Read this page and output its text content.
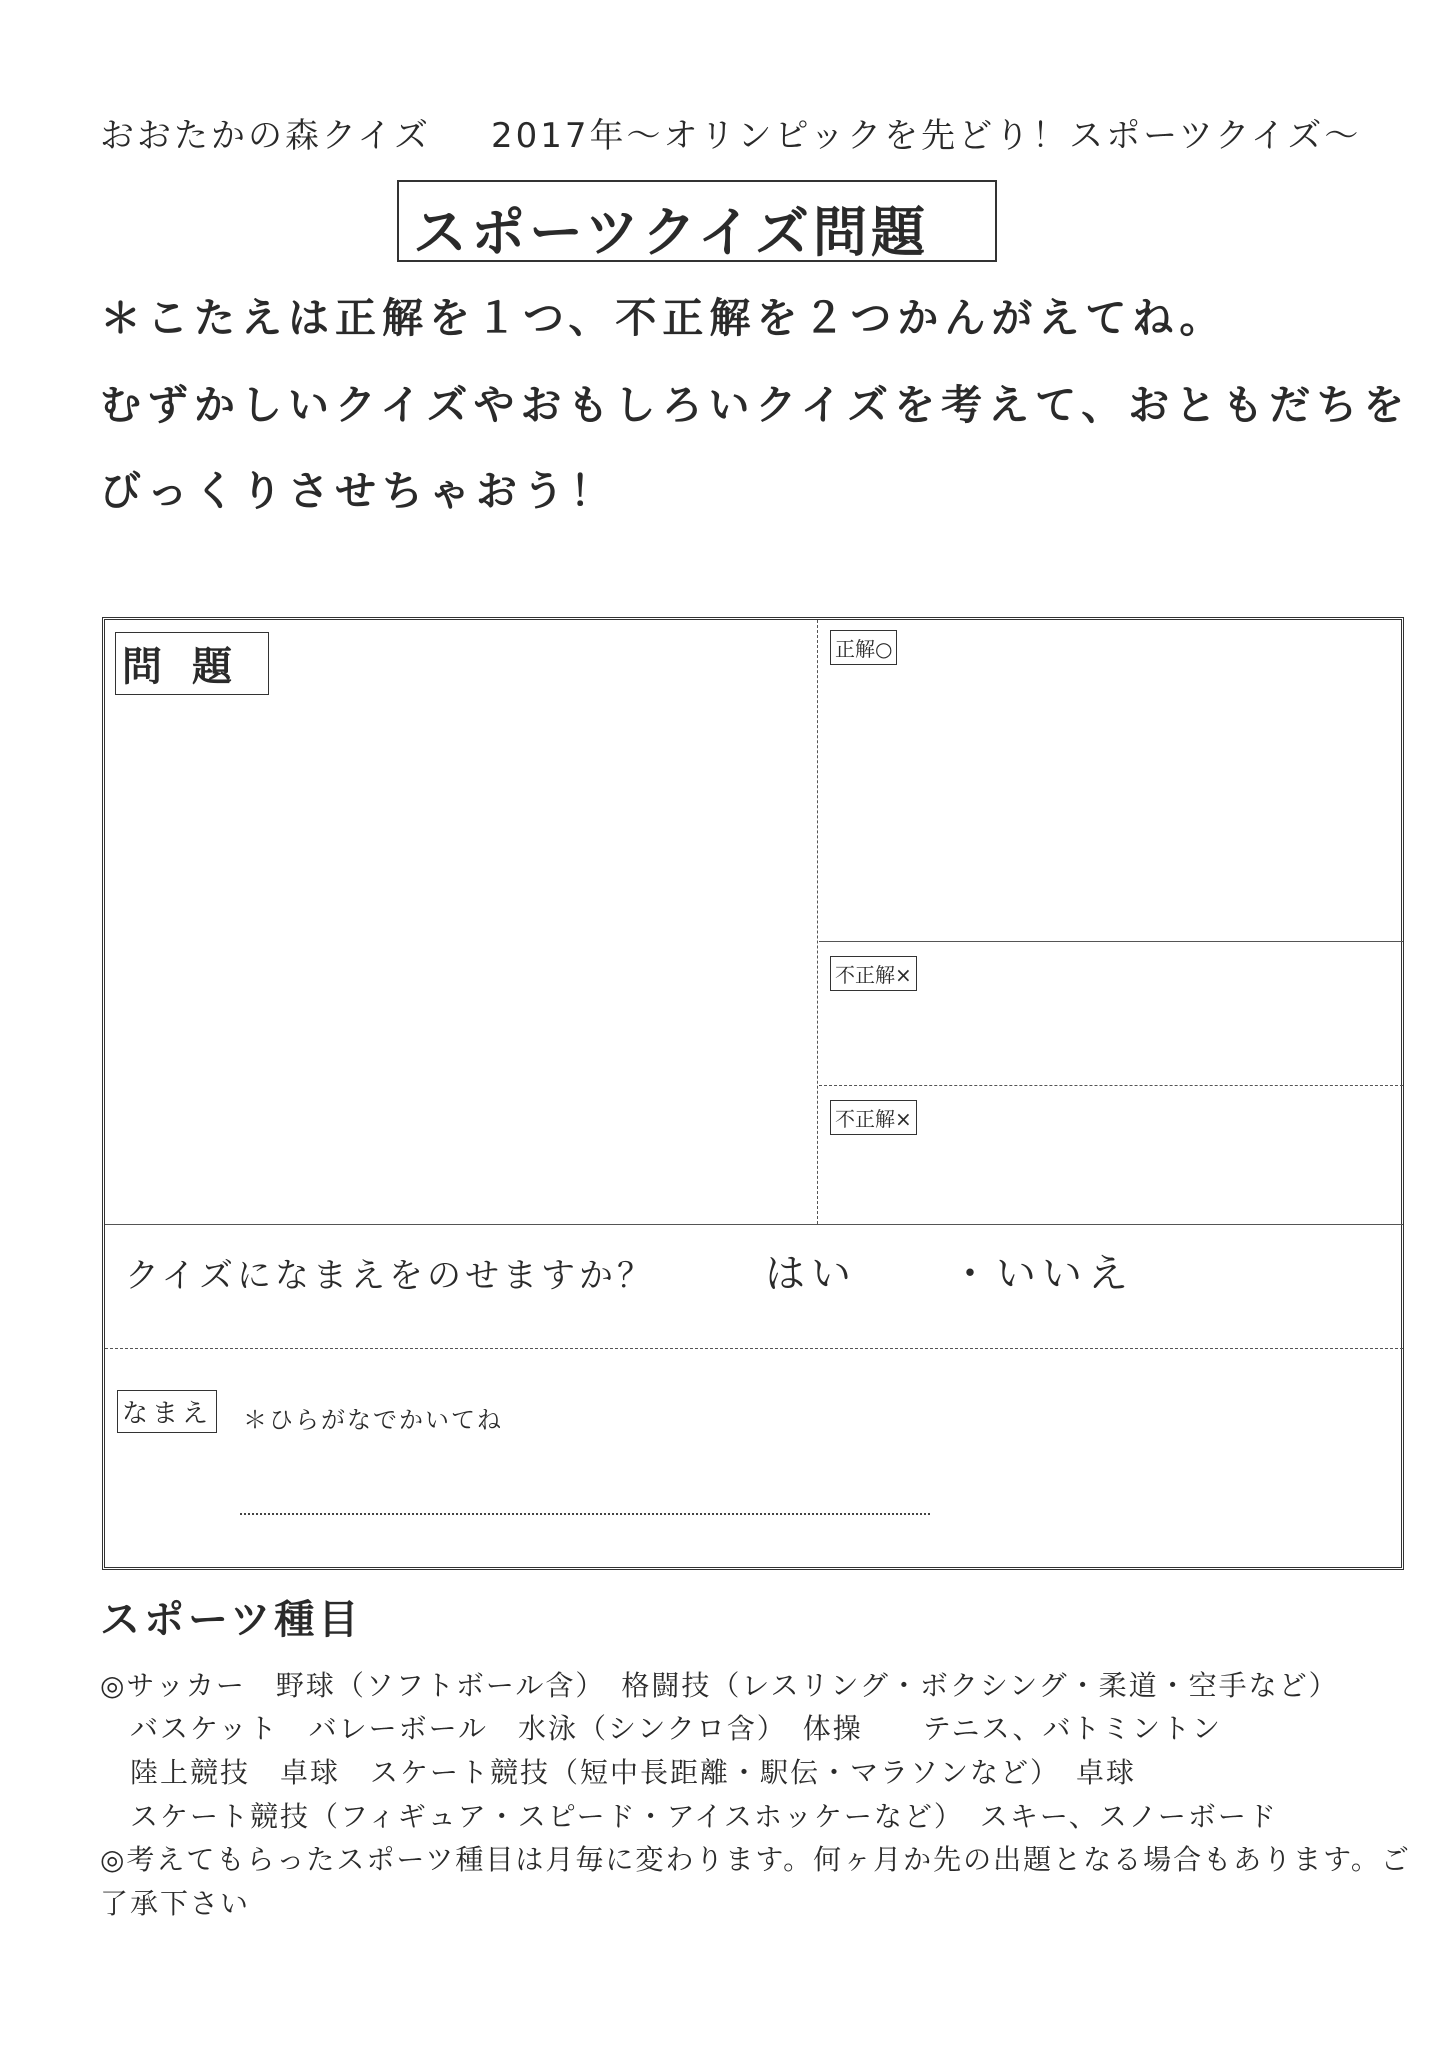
おおたかの森クイズ 2017年～オリンピックを先どり！スポーツクイズ～
スポーツクイズ問題
＊こたえは正解を１つ、不正解を２つかんがえてね。
むずかしいクイズやおもしろいクイズを考えて、おともだちを
びっくりさせちゃおう！
問題	正解○
不正解×
不正解×
クイズになまえをのせますか？	はい ・いいえ
なまえ ＊ひらがなでかいてね
スポーツ種目
◎サッカー　野球（ソフトボール含）　格闘技（レスリング・ボクシング・柔道・空手など）
　バスケット　バレーボール　水泳（シンクロ含）　体操　　テニス、バトミントン
　陸上競技　卓球　スケート競技（短中長距離・駅伝・マラソンなど）　卓球
　スケート競技（フィギュア・スピード・アイスホッケーなど）　スキー、スノーボード
◎考えてもらったスポーツ種目は月毎に変わります。何ヶ月か先の出題となる場合もあります。ご
了承下さい
